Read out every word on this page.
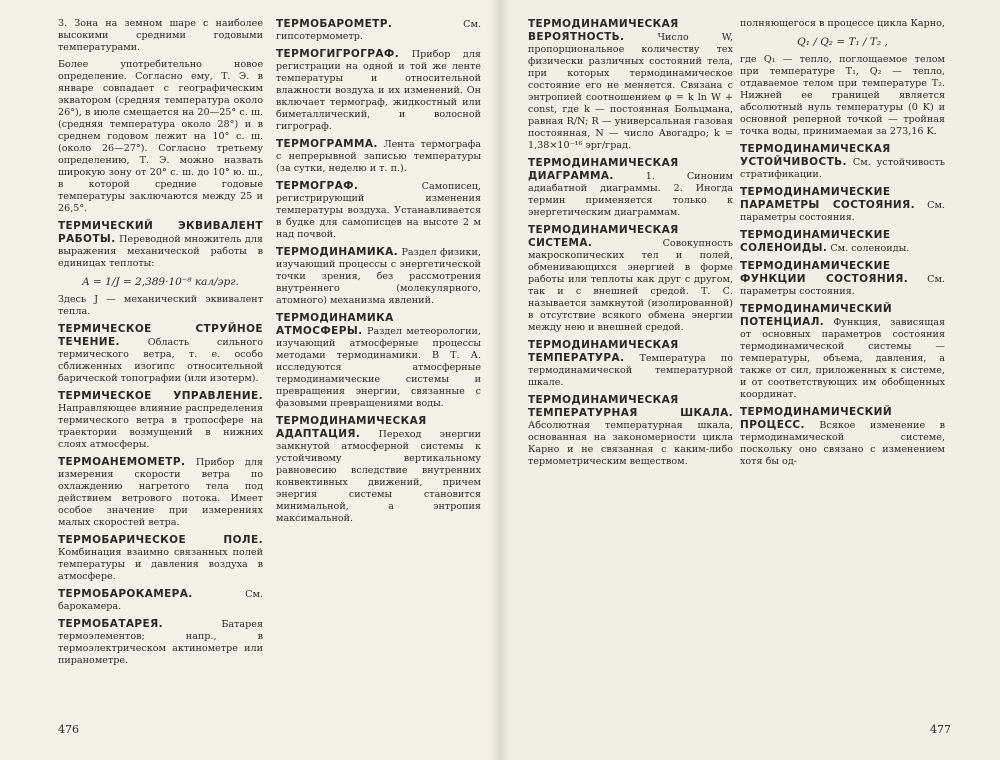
3. Зона на земном шаре с наиболее высокими средними годовыми температурами.
Более употребительно новое определение. Согласно ему, Т. Э. в январе совпадает с географическим экватором (средняя температура около 26°), в июле смещается на 20—25° с. ш. (средняя температура около 28°) и в среднем годовом лежит на 10° с. ш. (около 26—27°). Согласно третьему определению, Т. Э. можно назвать широкую зону от 20° с. ш. до 10° ю. ш., в которой средние годовые температуры заключаются между 25 и 26,5°.
ТЕРМИЧЕСКИЙ ЭКВИВАЛЕНТ РАБОТЫ. Переводной множитель для выражения механической работы в единицах теплоты:
A = 1/J = 2,389·10⁻⁸ кал/эрг.
Здесь J — механический эквивалент тепла.
ТЕРМИЧЕСКОЕ СТРУЙНОЕ ТЕЧЕНИЕ.	Область сильного термического ветра, т. е. особо сближенных изогипс относительной барической топографии (или изотерм).
ТЕРМИЧЕСКОЕ УПРАВЛЕНИЕ. Направляющее влияние распределения термического ветра в тропосфере на траектории возмущений в нижних слоях атмосферы.
ТЕРМОАНЕМОМЕТР. Прибор для измерения скорости ветра по охлаждению нагретого тела под действием ветрового потока. Имеет особое значение при измерениях малых скоростей ветра.
ТЕРМОБАРИЧЕСКОЕ ПОЛЕ. Комбинация взаимно связанных полей температуры и давления воздуха в атмосфере.
ТЕРМОБАРОКАМЕРА.	См. барокамера.
ТЕРМОБАТАРЕЯ.	Батарея термоэлементов; напр., в термоэлектрическом актинометре или пиранометре.
ТЕРМОБАРОМЕТР.	См. гипсотермометр.
ТЕРМОГИГРОГРАФ. Прибор для регистрации на одной и той же ленте температуры и относительной влажности воздуха и их изменений. Он включает термограф, жидкостный или биметаллический, и волосной гигрограф.
ТЕРМОГРАММА. Лента термографа с непрерывной записью температуры (за сутки, неделю и т. п.).
ТЕРМОГРАФ.	Самописец, регистрирующий изменения температуры воздуха. Устанавливается в будке для самописцев на высоте 2 м над почвой.
ТЕРМОДИНАМИКА. Раздел физики, изучающий процессы с энергетической точки зрения, без рассмотрения внутреннего (молекулярного, атомного) механизма явлений.
ТЕРМОДИНАМИКА АТМОСФЕРЫ. Раздел метеорологии, изучающий атмосферные процессы методами термодинамики. В Т. А. исследуются атмосферные термодинамические системы и превращения энергии, связанные с фазовыми превращениями воды.
ТЕРМОДИНАМИЧЕСКАЯ АДАПТАЦИЯ. Переход энергии замкнутой атмосферной системы к устойчивому вертикальному равновесию вследствие внутренних конвективных движений, причем энергия системы становится минимальной, а энтропия максимальной.
476
ТЕРМОДИНАМИЧЕСКАЯ ВЕРОЯТНОСТЬ.	Число W, пропорциональное количеству тех физически различных состояний тела, при которых термодинамическое состояние его не меняется. Связана с энтропией соотношением φ = k ln W + const, где k — постоянная Больцмана, равная R/N; R — универсальная газовая постоянная, N — число Авогадро; k = 1,38×10⁻¹⁶ эрг/град.
ТЕРМОДИНАМИЧЕСКАЯ ДИАГРАММА.	1. Синоним адиабатной диаграммы. 2. Иногда термин применяется только к энергетическим диаграммам.
ТЕРМОДИНАМИЧЕСКАЯ СИСТЕМА.	Совокупность макроскопических тел и полей, обменивающихся энергией в форме работы или теплоты как друг с другом, так и с внешней средой. Т. С. называется замкнутой (изолированной) в отсутствие всякого обмена энергии между нею и внешней средой.
ТЕРМОДИНАМИЧЕСКАЯ ТЕМПЕРАТУРА. Температура по термодинамической температурной шкале.
ТЕРМОДИНАМИЧЕСКАЯ ТЕМПЕРАТУРНАЯ ШКАЛА. Абсолютная температурная шкала, основанная на закономерности цикла Карно и не связанная с каким-либо термометрическим веществом.
полняющегося в процессе цикла Карно,
Q₁ / Q₂ = T₁ / T₂ ,
где Q₁ — тепло, поглощаемое телом при температуре T₁, Q₂ — тепло, отдаваемое телом при температуре T₂. Нижней ее границей является абсолютный нуль температуры (0 K) и основной реперной точкой — тройная точка воды, принимаемая за 273,16 K.
ТЕРМОДИНАМИЧЕСКАЯ УСТОЙЧИВОСТЬ. См. устойчивость стратификации.
ТЕРМОДИНАМИЧЕСКИЕ ПАРАМЕТРЫ СОСТОЯНИЯ. См. параметры состояния.
ТЕРМОДИНАМИЧЕСКИЕ СОЛЕНОИДЫ. См. соленоиды.
ТЕРМОДИНАМИЧЕСКИЕ ФУНКЦИИ СОСТОЯНИЯ. См. параметры состояния.
ТЕРМОДИНАМИЧЕСКИЙ ПОТЕНЦИАЛ. Функция, зависящая от основных параметров состояния термодинамической системы — температуры, объема, давления, а также от сил, приложенных к системе, и от соответствующих им обобщенных координат.
ТЕРМОДИНАМИЧЕСКИЙ ПРОЦЕСС. Всякое изменение в термодинамической системе, поскольку оно связано с изменением хотя бы од-
477
